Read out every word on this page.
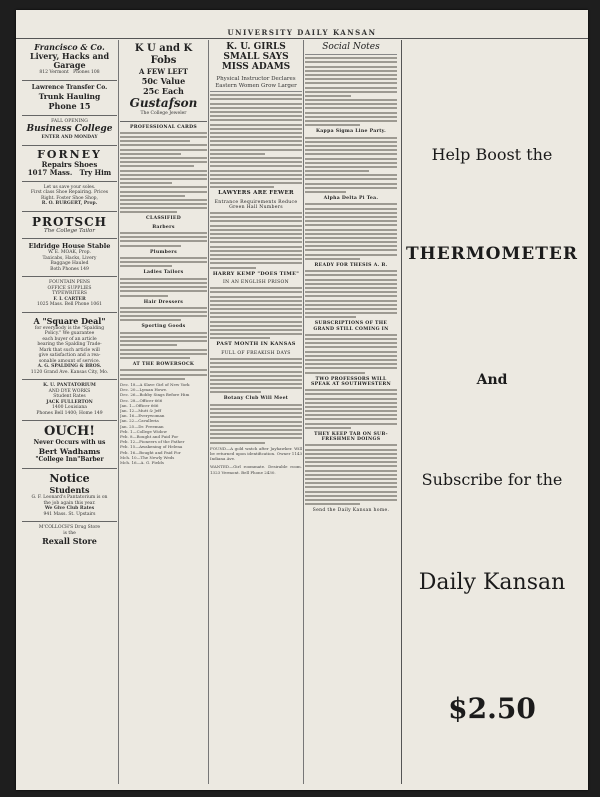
UNIVERSITY DAILY KANSAN
Francisco & Co.
Livery, Hacks and
Garage
812 Vermont Phones 108
Lawrence Transfer Co.
Trunk Hauling
Phone 15
FALL OPENING
Business College
ENTER AND MONDAY
FORNEY
Repairs Shoes
1017 Mass. Try Him
Let us save your soles.
First class Shoe Repairing. Prices
Right. Foster Shoe Shop,
R. O. BURGERT, Prop.
PROTSCH
The College Tailor
Eldridge House Stable
W. E. MOAK, Prop.
Taxicabs, Hacks, Livery
Baggage Hauled
Both Phones 149
FOUNTAIN PENS
OFFICE SUPPLIES
TYPEWRITERS
F. I. CARTER
1025 Mass. Bell Phone 1061
A "Square Deal"
for everybody is the "Spalding
Policy." We guarantee
each buyer of an article
bearing the Spalding Trade-
Mark that such article will
give satisfaction and a rea-
sonable amount of service.
A. G. SPALDING & BROS.
1120 Grand Ave. Kansas City, Mo.
K. U. PANTATORIUM
AND DYE WORKS
Student Rates
JACK FULLERTON
1400 Louisiana
Phones Bell 1400; Home 149
OUCH!
Never Occurs with us
Bert Wadhams
"College Inn"Barber
Notice
Students
G. F. Leonard's Pantatorium is on
the job again this year.
We Give Club Rates
941 Mass. St. Upstairs
M'COLLOCH'S Drug Store
is the
Rexall Store
K U and K Fobs
A FEW LEFT
50c Value
25c Each
Gustafson
The College Jeweler
PROFESSIONAL CARDS
CLASSIFIED
Barbers
Plumbers
Ladies Tailors
Hair Dressers
Sporting Goods
AT THE BOWERSOCK
Dec. 18—A Slave Girl of New York
Dec. 20—Lyman Howe.
Dec. 26—Bobby Sings Before Him
Dec. 28—Officer 666
Jan. 1—Officer 666
Jan. 12—Mutt & Jeff
Jan. 16—Everywoman
Jan. 22—Cavalleria
Jan. 25—Dr. Freeman
Feb. 1—College Widow
Feb. 8—Bought and Paid For
Feb. 12—Pioneers of the Father
Feb. 15—Awakening of Helena
Feb. 16—Bought and Paid For
Mch. 10—The Newly Weds
Mch. 16—A. G. Fields
K. U. GIRLS SMALL SAYS MISS ADAMS
Physical Instructor Declares Eastern Women Grow Larger
LAWYERS ARE FEWER
Entrance Requirements Reduce Green Hall Numbers
HARRY KEMP "DOES TIME"
IN AN ENGLISH PRISON
PAST MONTH IN KANSAS
FULL OF FREAKISH DAYS
Botany Club Will Meet

FOUND—A gold watch after Jayhawker. Will be returned upon identification. Owner 1143 Indiana Ave.

WANTED—Girl roommate. Desirable room. 1323 Vermont. Bell Phone 2430.

Social Notes
Kappa Sigma Line Party.
Alpha Delta Pi Tea.
READY FOR THESIS A. B.
SUBSCRIPTIONS OF THE GRAND STILL COMING IN
TWO PROFESSORS WILL SPEAK AT SOUTHWESTERN
THEY KEEP TAB ON SUB-FRESHMEN DOINGS
Send the Daily Kansan home.
Help Boost the
THERMOMETER
And
Subscribe for the
Daily Kansan
$2.50
